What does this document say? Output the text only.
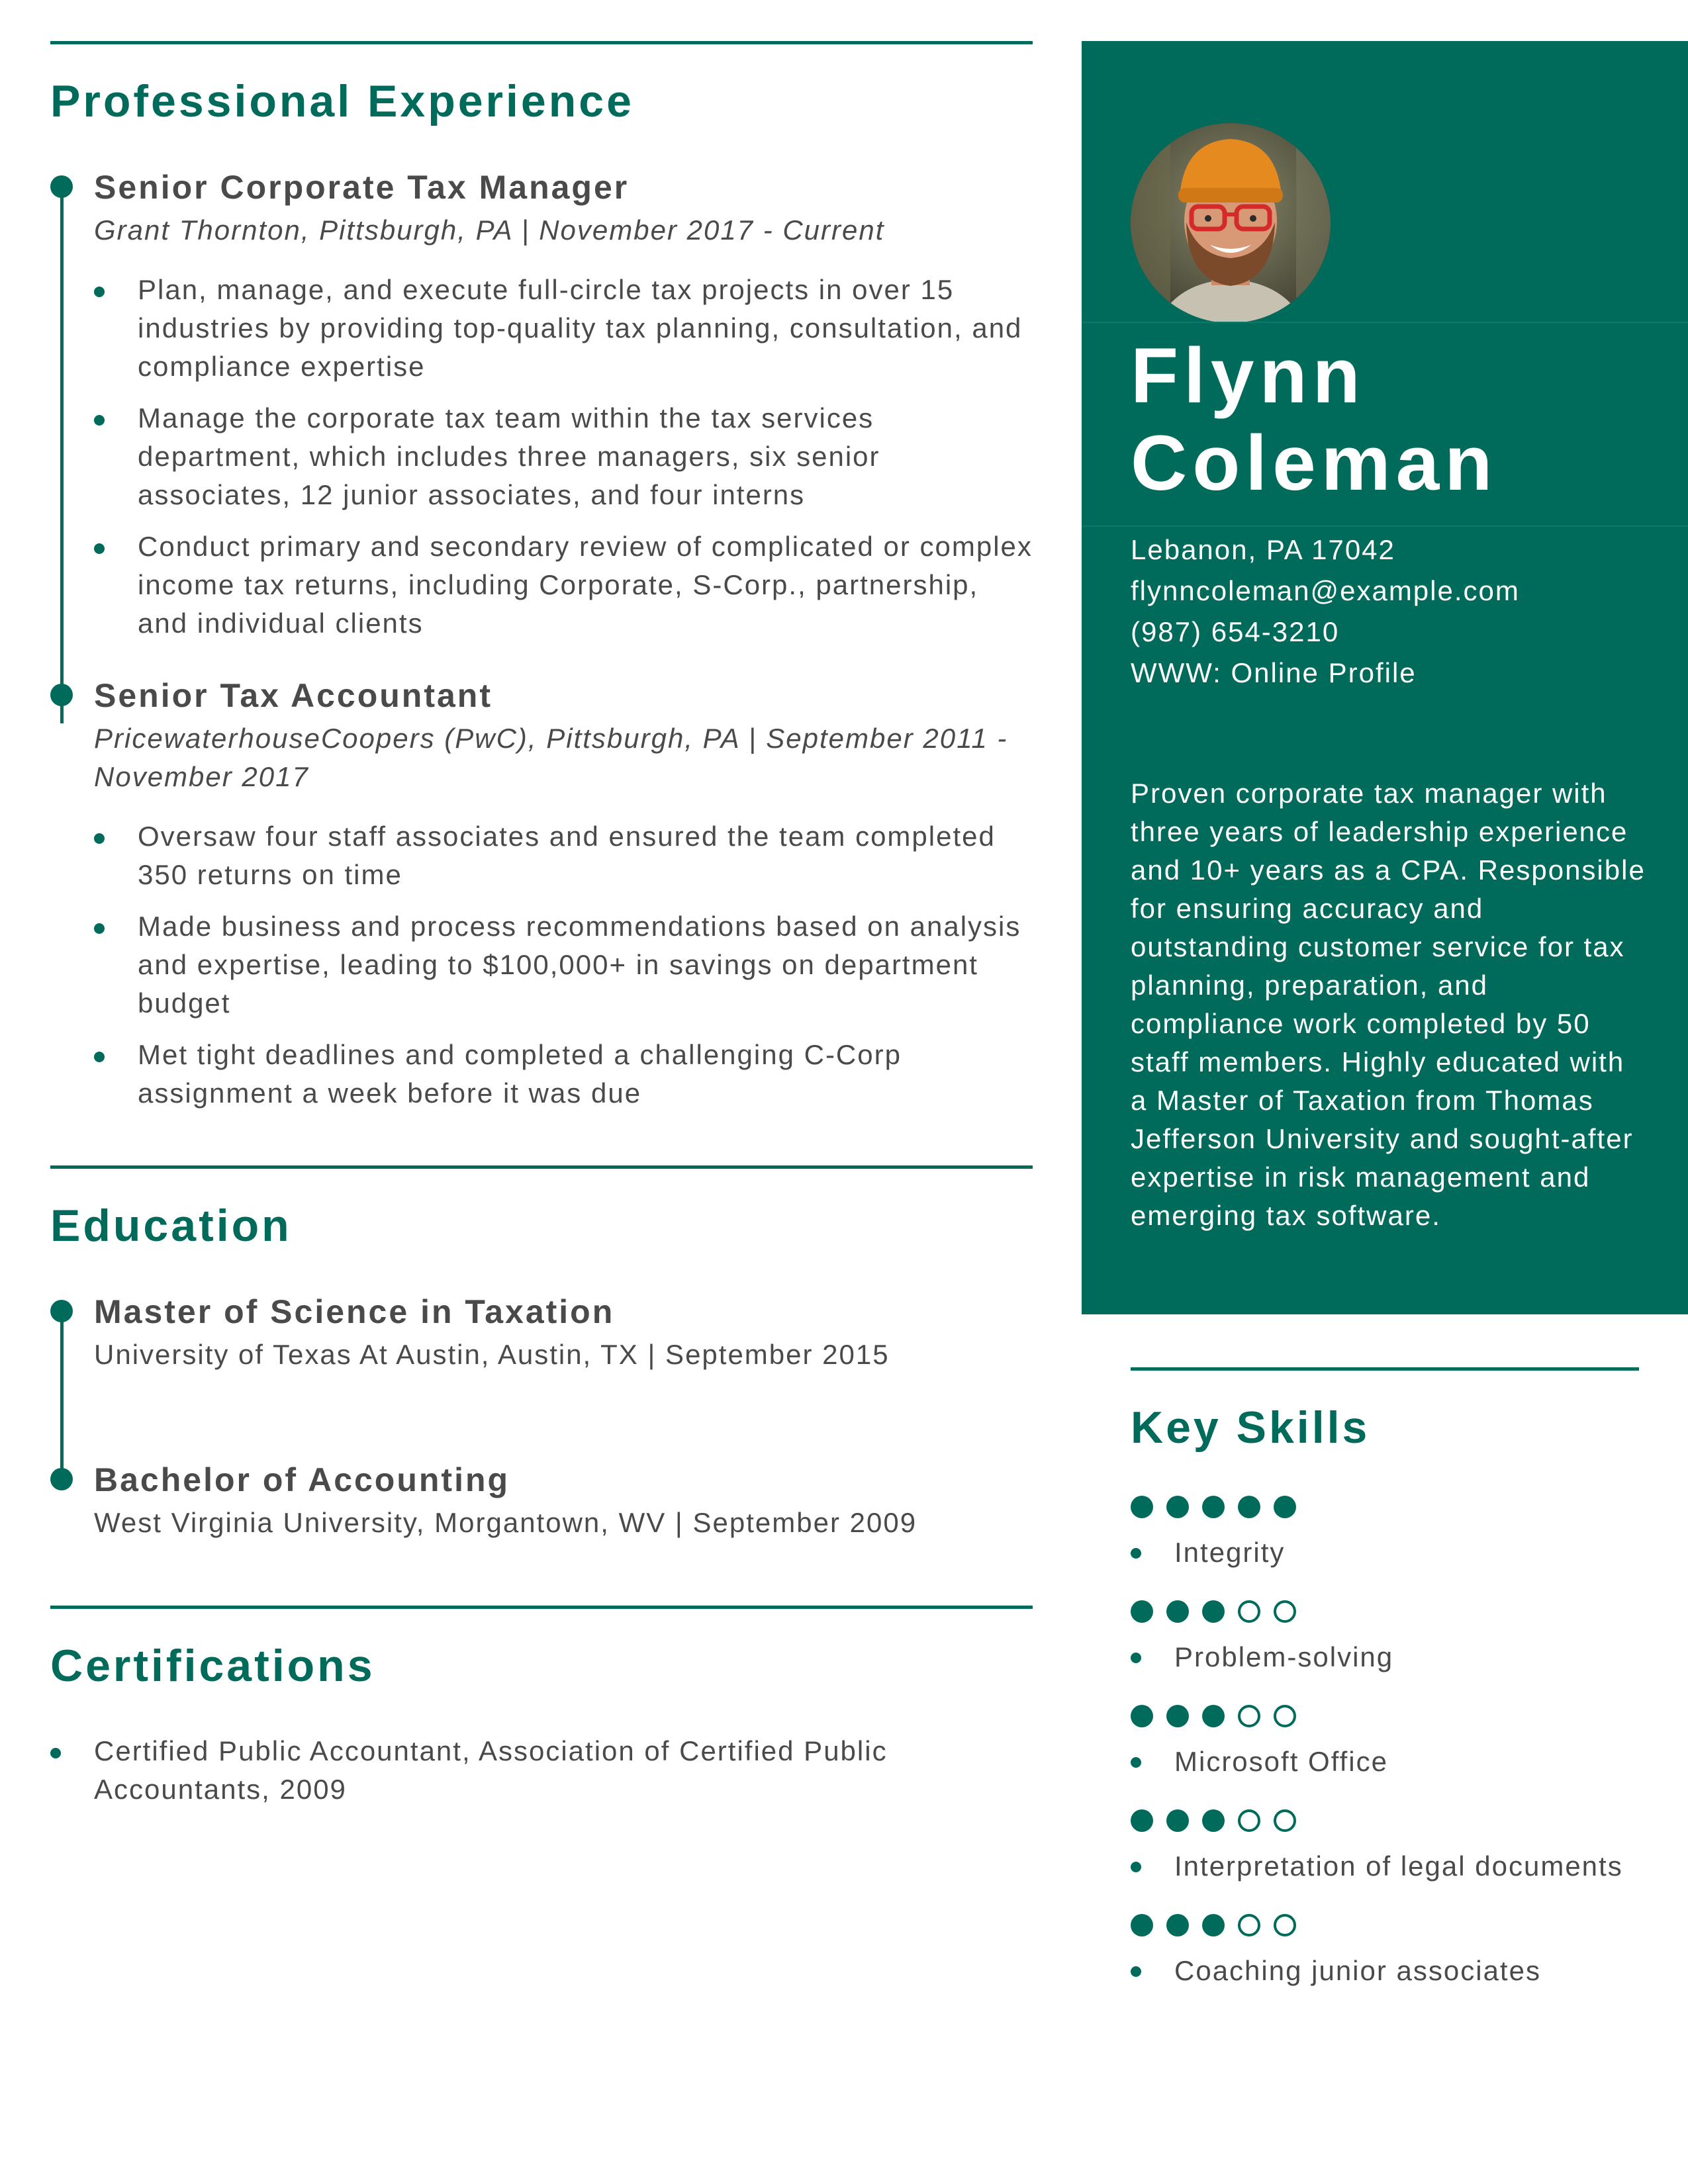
Professional Experience
Senior Corporate Tax Manager
Grant Thornton, Pittsburgh, PA | November 2017 - Current
Plan, manage, and execute full-circle tax projects in over 15 industries by providing top-quality tax planning, consultation, and compliance expertise
Manage the corporate tax team within the tax services department, which includes three managers, six senior associates, 12 junior associates, and four interns
Conduct primary and secondary review of complicated or complex income tax returns, including Corporate, S-Corp., partnership, and individual clients
Senior Tax Accountant
PricewaterhouseCoopers (PwC), Pittsburgh, PA | September 2011 - November 2017
Oversaw four staff associates and ensured the team completed 350 returns on time
Made business and process recommendations based on analysis and expertise, leading to $100,000+ in savings on department budget
Met tight deadlines and completed a challenging C-Corp assignment a week before it was due
Education
Master of Science in Taxation
University of Texas At Austin, Austin, TX | September 2015
Bachelor of Accounting
West Virginia University, Morgantown, WV | September 2009
Certifications
Certified Public Accountant, Association of Certified Public Accountants, 2009
Flynn
Coleman
Lebanon, PA 17042
flynncoleman@example.com
(987) 654-3210
WWW: Online Profile
Proven corporate tax manager with three years of leadership experience and 10+ years as a CPA. Responsible for ensuring accuracy and outstanding customer service for tax planning, preparation, and compliance work completed by 50 staff members. Highly educated with a Master of Taxation from Thomas Jefferson University and sought-after expertise in risk management and emerging tax software.
Key Skills
Integrity
Problem-solving
Microsoft Office
Interpretation of legal documents
Coaching junior associates
